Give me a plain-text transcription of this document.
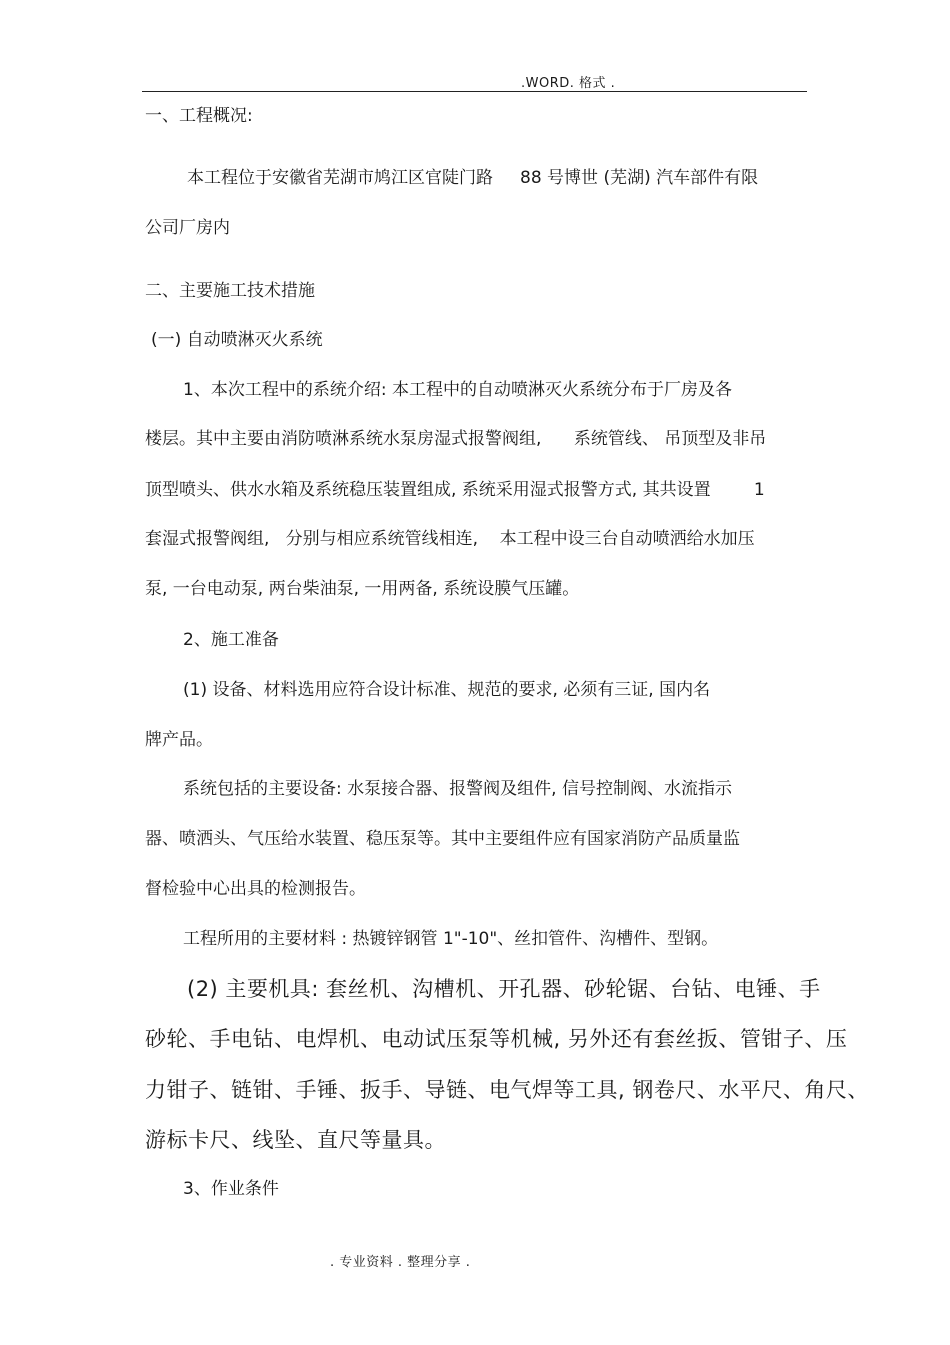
.WORD. 格式 .
一、工程概况:
本工程位于安徽省芜湖市鸠江区官陡门路     88 号博世 (芜湖) 汽车部件有限
公司厂房内
二、主要施工技术措施
(一) 自动喷淋灭火系统
1、本次工程中的系统介绍: 本工程中的自动喷淋灭火系统分布于厂房及各
楼层。其中主要由消防喷淋系统水泵房湿式报警阀组,      系统管线、 吊顶型及非吊
顶型喷头、供水水箱及系统稳压装置组成, 系统采用湿式报警方式, 其共设置        1
套湿式报警阀组,   分别与相应系统管线相连,    本工程中设三台自动喷洒给水加压
泵, 一台电动泵, 两台柴油泵, 一用两备, 系统设膜气压罐。
2、施工准备
(1) 设备、材料选用应符合设计标准、规范的要求, 必须有三证, 国内名
牌产品。
系统包括的主要设备: 水泵接合器、报警阀及组件, 信号控制阀、水流指示
器、喷洒头、气压给水装置、稳压泵等。其中主要组件应有国家消防产品质量监
督检验中心出具的检测报告。
工程所用的主要材料 : 热镀锌钢管 1"-10"、丝扣管件、沟槽件、型钢。
(2) 主要机具: 套丝机、沟槽机、开孔器、砂轮锯、台钻、电锤、手
砂轮、手电钻、电焊机、电动试压泵等机械, 另外还有套丝扳、管钳子、压
力钳子、链钳、手锤、扳手、导链、电气焊等工具, 钢卷尺、水平尺、角尺、
游标卡尺、线坠、直尺等量具。
3、作业条件
. 专业资料 . 整理分享 .
